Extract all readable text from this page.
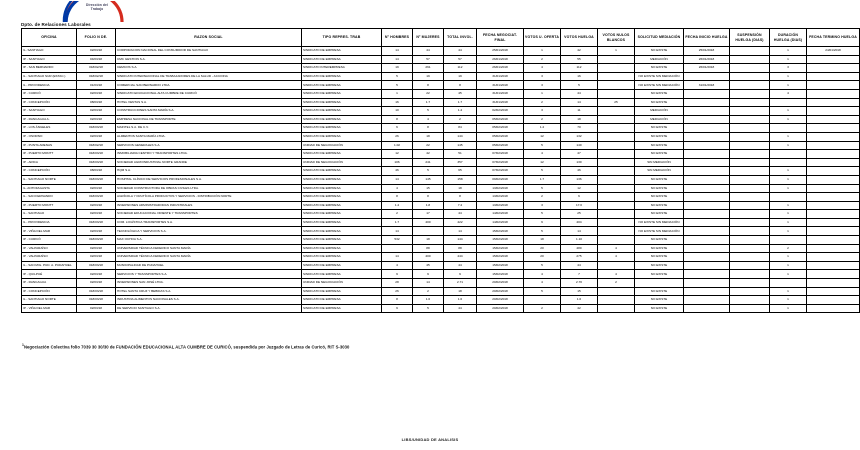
Dirección del
Trabajo
Dpto. de Relaciones Laborales
OFICINA	FOLIO N DE.	RAZON SOCIAL	TIPO REPRES. TRAB	N° HOMBRES	N° MUJERES	TOTAL INVOL.	FECHA NEGOCIAT. FINAL	VOTOS U. OFERTA	VOTOS HUELGA	VOTOS NULOS BLANCOS	SOLICITUD MEDIACIÓN	FECHA INICIO HUELGA	SUSPENSIÓN HUELGA (DIAS)	DURACIÓN HUELGA (DIAS)	FECHA TERMINO HUELGA
IL- SANTIAGO	02/03/18	CORPORACION NACIONAL DEL CONSUMIDOR DE SANTIAGO	SINDICATO DE EMPRESA	14	44	44	25/01/2018	1	42	1	NO EXISTE	25/01/2018		1	24/01/2018
IP - SANTIAGO	04/03/18	CMC GESTION S.A.	SINDICATO DE EMPRESA	14	57	57	26/01/2018	2	55		MEDIACIÓN	26/01/2018		1	
IP - SAN BERNARDO	018/02/18	CEMCOS S.A.	SINDICATO INTEREMPRESA	19	261	112	26/01/2018	4	112		NO EXISTE	26/01/2018		3	
IL - SANTIAGO SUR (ESTAC.)	018/02/18	SINDICATO INTERNACIONAL DE TRABAJADORES DE LA SALUD - ACCIONA	SINDICATO DE EMPRESA	5	19	19	31/01/2018	3	16		NO EXISTE SIN MEDIACIÓN			1	
IL - PROVIDENCIA	01/03/18	COMERCIAL SAN BERNARDO LTDA.	SINDICATO DE EMPRESA	5	8	8	31/01/2018	3	5		NO EXISTE SIN MEDIACIÓN	31/01/2018		1	
IP - CURICÓ	02/03/18	SINDICATO EDUCACIONAL ALTA CUMBRE DE CURICÓ	SINDICATO DE EMPRESA	1	22	45	31/01/2018	1	44		NO EXISTE			4	
IP - CONCEPCIÓN	08/03/18	HOTEL VENTAS S.A.	SINDICATO DE EMPRESA	16	1.7	1.7	31/01/2018	2	14	25	NO EXISTE				
IP - SANTIAGO	02/03/18	CONSTRUCCIONES SANTA MARÍA S.A.	SINDICATO DE EMPRESA	10	5	1.4	02/02/2018	3	11		MEDIACIÓN			1	
IP - RANCAGUA A.	02/03/18	EMPRESA NACIONAL DE TRANSPORTE	SINDICATO DE EMPRESA	8	4	2	05/02/2018	2	18		MEDIACIÓN			1	
IP - LOS ÁNGELES	018/03/18	MAINTEL S.A. DE C.V.	SINDICATO DE EMPRESA	6	8	84	05/02/2018	1.4	70		NO EXISTE				
IP - OSORNO	02/03/18	ALIMENTOS SANTA MARÍA LTDA.	SINDICATO DE EMPRESA	26	18	144	05/02/2018	12	132		NO EXISTE			1	
IP - PUNTA ARENAS	018/02/18	SERVICIOS GENERALES S.A.	UNIDAD DE NEGOCIACIÓN	1.02	22	145	05/02/2018	5	140		NO EXISTE			1	
IP - PUERTO MONTT	018/03/18	INMOBILIARIA CENTRO Y TRANSPORTES LTDA.	SINDICATO DE EMPRESA	12	42	51	07/02/2018	4	47		NO EXISTE				
IP - ARICA	018/03/18	SOCIEDAD AGROINDUSTRIAL NORTE GRANDE	UNIDAD DE NEGOCIACIÓN	106	241	357	07/02/2018	12	130		SIN MEDIACIÓN				
IP - CONCEPCIÓN	08/03/18	HQM S.A.	SINDICATO DE EMPRESA	46	5	65	07/02/2018	5	46		SIN MEDIACIÓN			1	
IL - SANTIAGO NORTE	018/03/18	HOSPITAL CLÍNICO DE SERVICIOS PROFESIONALES S.A.	SINDICATO DE EMPRESA	14	145	158	09/02/2018	1.7	136		NO EXISTE			1	
IL- ANTOFAGASTA	02/03/18	SOCIEDAD CONSTRUCTORA DE OBRAS CIVILES LTDA.	SINDICATO DE EMPRESA	4	15	18	13/02/2018	5	12		NO EXISTE			1	
IL - SAN FERNANDO	018/03/18	AGRÍCOLA Y FRUTÍCOLA PRODUCTOS Y SERVICIOS - DISTRIBUCIÓN NORTE	SINDICATO DE EMPRESA	8	8	8	13/02/2018	2	6		NO EXISTE				
IP - PUERTO MONTT	02/03/18	INVERSIONES ADMINISTRADORAS INDUSTRIALES	SINDICATO DE EMPRESA	1.4	1.8	7.4	13/02/2018	3	17.0		NO EXISTE			1	
IL - SANTIAGO	02/03/18	SOCIEDAD EDUCACIONAL ORIENTE Y TRANSPORTES	SINDICATO DE EMPRESA	2	17	44	14/02/2018	5	25		NO EXISTE			1	
IL - PROVIDENCIA	018/03/18	COM. LOGÍSTICA TRANSPORTES S.A.	SINDICATO DE EMPRESA	1.7	400	422	14/02/2018	9	404		NO EXISTE SIN MEDIACIÓN			1	
IP - VIÑA DEL MAR	02/03/18	TECNOLÓGICA Y SERVICIOS S.A.	SINDICATO DE EMPRESA	14		14	15/02/2018	5	14		NO EXISTE SIN MEDIACIÓN			1	
IP - CURICÓ	018/03/18	MAX OCHOA S.A.	SINDICATO DE EMPRESA	532	18	144	15/02/2018	18	1.10		NO EXISTE				
IP - VALPARAÍSO	02/03/18	UNIVERSIDAD TÉCNICA FEDERICO SANTA MARÍA	SINDICATO DE EMPRESA		88	88	15/02/2018	20	480	4	NO EXISTE			2	
IP - VALPARAÍSO	02/03/18	UNIVERSIDAD TÉCNICA FEDERICO SANTA MARÍA	SINDICATO DE EMPRESA	14	400	444	15/02/2018	20	275	4	NO EXISTE			1	
IL - SAN MIG. PUD. A. PUDAHUEL	018/03/18	MUNICIPALIDAD DE PUDAHUEL	SINDICATO DE EMPRESA	4	45	44	15/02/2018	5	44		NO EXISTE			1	
IP - QUILPUÉ	02/03/18	SERVICIOS Y TRANSPORTES S.A.	SINDICATO DE EMPRESA	9	9	9	15/02/2018	4	7	4	NO EXISTE			1	
IP - RANCAGUA	02/03/18	INVERSIONES SAN JOSÉ LTDA.	UNIDAD DE NEGOCIACIÓN	28	14	2.71	20/02/2018	4	2.70	2					
IP - CONCEPCIÓN	018/03/18	HOTEL SANTA CRUZ Y BEBIDAS S.A.	SINDICATO DE EMPRESA	26	2	18	20/02/2018	5	15		NO EXISTE			1	
IL - SANTIAGO NORTE	018/03/18	INDUSTRIA ALIMENTOS NACIONALES S.A.	SINDICATO DE EMPRESA	8	1.6	1.6	20/02/2018		1.6		NO EXISTE			1	
IP - VIÑA DEL MAR	02/03/18	DE SERVICIO SANTIAGO S.A.	SINDICATO DE EMPRESA	9	5	44	20/02/2018	2	42		NO EXISTE			1	
$^1$Negociación Colectiva folio 7039 30 30/30 de FUNDACIÓN EDUCACIONAL ALTA CUMBRE DE CURICÓ, suspendida por Juzgado de Letras de Curicó, RIT S-3030
LIBS/UNIDAD DE ANALISIS
